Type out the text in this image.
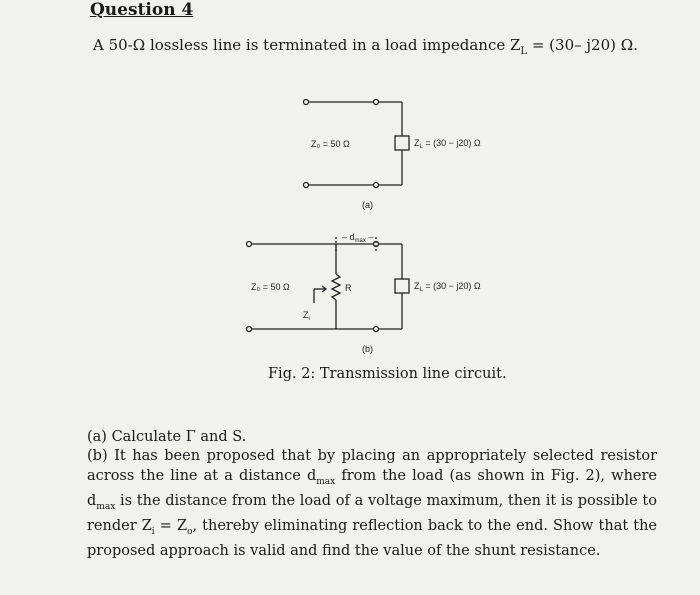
Question 4
A 50-Ω lossless line is terminated in a load impedance $Z_L = (30-$ j20) Ω.
Z₀ = 50 Ω	$Z_L = (30 - j20)$ Ω
(a)
– $d_{max}$ –
Z₀ = 50 Ω
$Z_i$
R	$Z_L = (30 - j20)$ Ω
(b)
Fig. 2: Transmission line circuit.

(a) Calculate Γ and S.

(b) It has been proposed that by placing an appropriately selected resistor across the line at a distance $d_{max}$ from the load (as shown in Fig. 2), where $d_{max}$ is the distance from the load of a voltage maximum, then it is possible to render $Z_i = Z_o$, thereby eliminating reflection back to the end. Show that the proposed approach is valid and find the value of the shunt resistance.
